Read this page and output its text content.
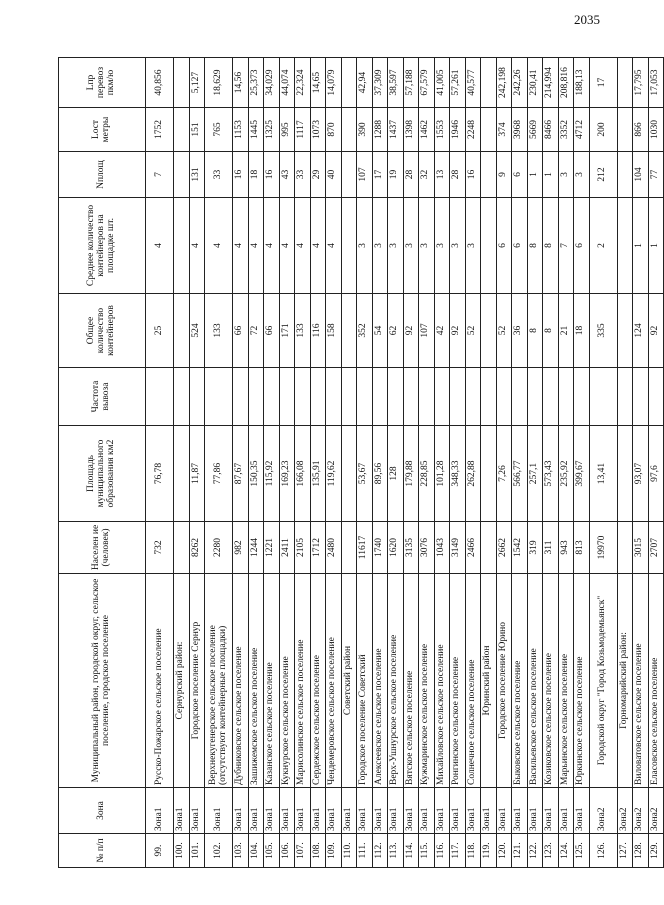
2035
№ п/п	Зона	Муниципальный район, городской округ, сельское поселение, городское поселение	Населен ие (человек)	Площадь муниципального образования км2	Частота вывоза	Общее количество контейнеров	Среднее количество контейнеров на площадке шт.	Nплощ	Lост метры	Lпр перевоз пкм/ю
99.	Зона1	Русско-Пожарское сельское поселение	732	76,78		25	4	7	1752	40,856
100.	Зона1	Сернурский район:								
101.	Зона1	Городское поселение Сернур	8262	11,87		524	4	131	151	5,127
102.	Зона1	Верхнекугенерское сельское поселение (отсутствуют контейнерные площадки)	2280	77,86		133	4	33	765	18,629
103.	Зона1	Дубниковское сельское поселение	982	87,67		66	4	16	1153	14,56
104.	Зона1	Зашижемское сельское поселение	1244	150,35		72	4	18	1445	25,373
105.	Зона1	Казанское сельское поселение	1221	115,92		66	4	16	1325	34,029
106.	Зона1	Кукнурское сельское поселение	2411	169,23		171	4	43	995	44,074
107.	Зона1	Марисолинское сельское поселение	2105	166,08		133	4	33	1117	22,324
108.	Зона1	Сердежское сельское поселение	1712	135,91		116	4	29	1073	14,65
109.	Зона1	Чендемеровское сельское поселение	2480	119,62		158	4	40	870	14,079
110.	Зона1	Советский район								
111.	Зона1	Городское поселение Советский	11617	53,67		352	3	107	390	42,94
112.	Зона1	Алексеевское сельское поселение	1740	89,56		54	3	17	1288	37,309
113.	Зона1	Верх-Ушнурское сельское поселение	1620	128		62	3	19	1437	38,597
114.	Зона1	Вятское сельское поселение	3135	179,88		92	3	28	1398	57,188
115.	Зона1	Кужмаринское сельское поселение	3076	228,85		107	3	32	1462	67,579
116.	Зона1	Михайловское сельское поселение	1043	101,28		42	3	13	1553	41,005
117.	Зона1	Ронгинское сельское поселение	3149	348,33		92	3	28	1946	57,261
118.	Зона1	Солнечное сельское поселение	2466	262,88		52	3	16	2248	40,577
119.	Зона1	Юринский район								
120.	Зона1	Городское поселение Юрино	2662	7,26		52	6	9	374	242,198
121.	Зона1	Быковское сельское поселение	1542	566,77		36	6	6	3968	242,26
122.	Зона1	Васильевское сельское поселение	319	257,1		8	8	1	5669	230,41
123.	Зона1	Козиковское сельское поселение	311	573,43		8	8	1	8466	214,994
124.	Зона1	Марьинское сельское поселение	943	235,92		21	7	3	3352	208,816
125.	Зона1	Юркинское сельское поселение	813	399,67		18	6	3	4712	188,13
126.	Зона2	Городской округ "Город Козьмодемьянск"	19970	13,41		335	2	212	200	17
127.	Зона2	Горномарийский район:								
128.	Зона2	Виловатовское сельское поселение	3015	93,07		124	1	104	866	17,795
129.	Зона2	Еласовское сельское поселение	2707	97,6		92	1	77	1030	17,053
